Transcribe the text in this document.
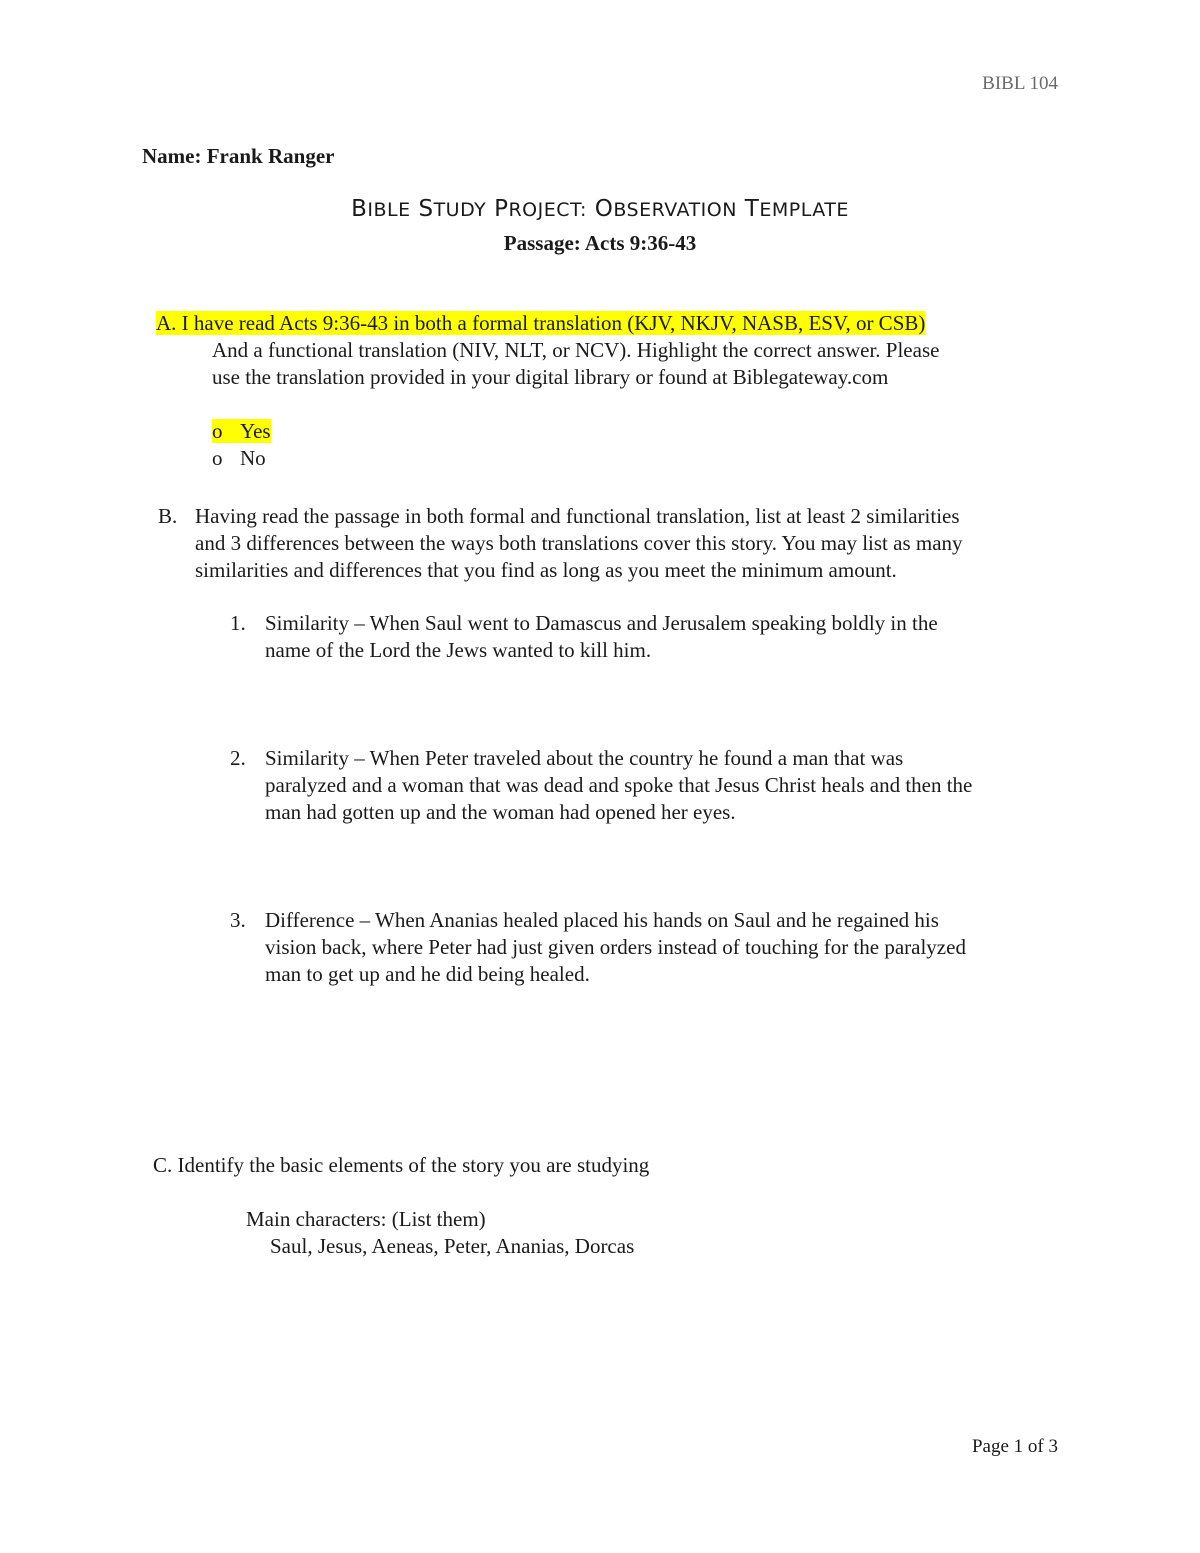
BIBL 104
Name: Frank Ranger
BIBLE STUDY PROJECT: OBSERVATION TEMPLATE
Passage: Acts 9:36-43
A. I have read Acts 9:36-43 in both a formal translation (KJV, NKJV, NASB, ESV, or CSB)
And a functional translation (NIV, NLT, or NCV). Highlight the correct answer. Please
use the translation provided in your digital library or found at Biblegateway.com
o Yes
o No
B. Having read the passage in both formal and functional translation, list at least 2 similarities
and 3 differences between the ways both translations cover this story. You may list as many
similarities and differences that you find as long as you meet the minimum amount.
1. Similarity – When Saul went to Damascus and Jerusalem speaking boldly in the
name of the Lord the Jews wanted to kill him.
2. Similarity – When Peter traveled about the country he found a man that was
paralyzed and a woman that was dead and spoke that Jesus Christ heals and then the
man had gotten up and the woman had opened her eyes.
3. Difference – When Ananias healed placed his hands on Saul and he regained his
vision back, where Peter had just given orders instead of touching for the paralyzed
man to get up and he did being healed.
C. Identify the basic elements of the story you are studying
Main characters: (List them)
Saul, Jesus, Aeneas, Peter, Ananias, Dorcas
Page 1 of 3
